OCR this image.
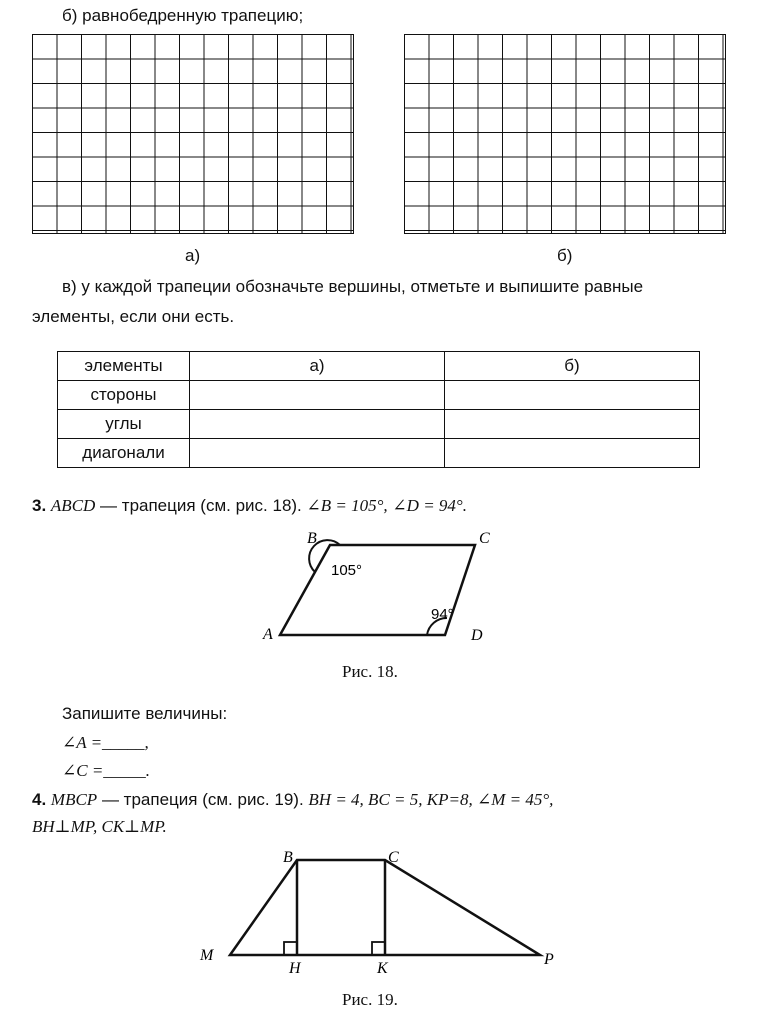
б) равнобедренную трапецию;
а)	б)
в) у каждой трапеции обозначьте вершины, отметьте и выпишите равные
элементы, если они есть.
элементы	а)	б)
стороны		
углы		
диагонали		
3. ABCD — трапеция (см. рис. 18). ∠B = 105°, ∠D = 94°.
B	C
A	D
105°
94°
Рис. 18.
Запишите величины:
∠A =_____,
∠C =_____.
4. MBCP — трапеция (см. рис. 19). BH = 4, BC = 5, KP=8, ∠M = 45°,
BH⊥MP, CK⊥MP.
B	C
M
H	K
P
Рис. 19.
